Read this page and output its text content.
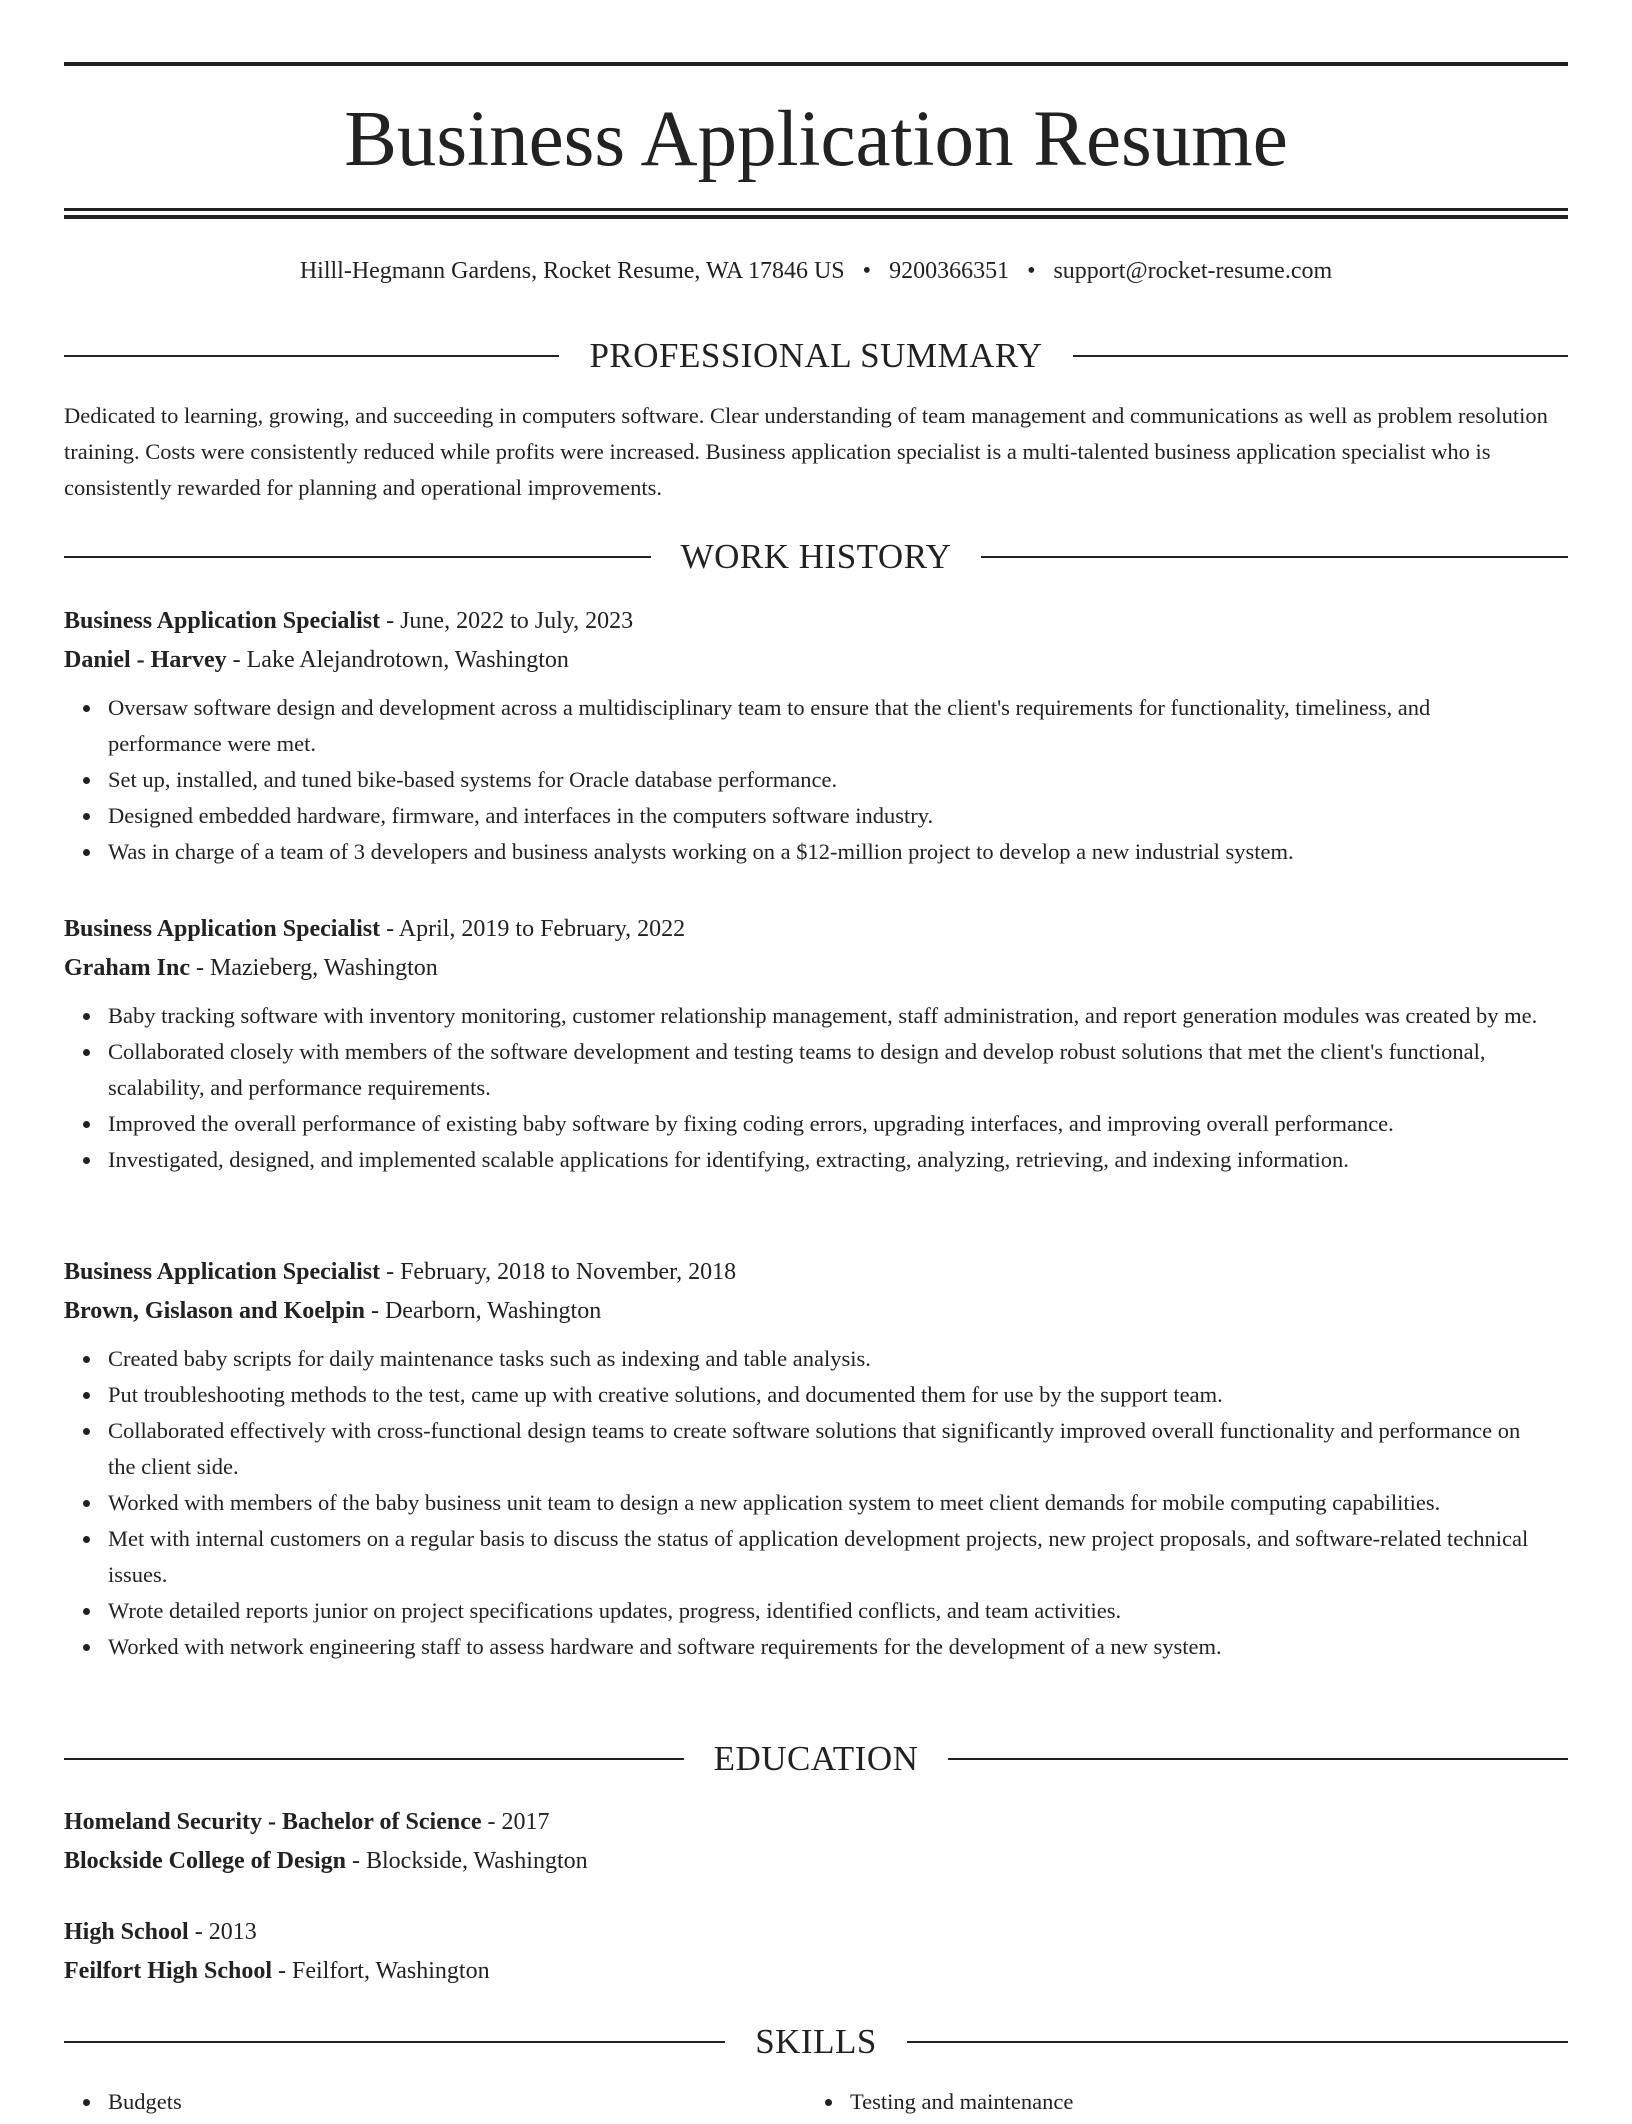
Business Application Resume
Hilll-Hegmann Gardens, Rocket Resume, WA 17846 US • 9200366351 • support@rocket-resume.com
PROFESSIONAL SUMMARY

Dedicated to learning, growing, and succeeding in computers software. Clear understanding of team management and communications as well as problem resolution training. Costs were consistently reduced while profits were increased. Business application specialist is a multi-talented business application specialist who is consistently rewarded for planning and operational improvements.

WORK HISTORY

Business Application Specialist - June, 2022 to July, 2023

Daniel - Harvey - Lake Alejandrotown, Washington

Oversaw software design and development across a multidisciplinary team to ensure that the client's requirements for functionality, timeliness, and performance were met.
Set up, installed, and tuned bike-based systems for Oracle database performance.
Designed embedded hardware, firmware, and interfaces in the computers software industry.
Was in charge of a team of 3 developers and business analysts working on a $12-million project to develop a new industrial system.

Business Application Specialist - April, 2019 to February, 2022

Graham Inc - Mazieberg, Washington

Baby tracking software with inventory monitoring, customer relationship management, staff administration, and report generation modules was created by me.
Collaborated closely with members of the software development and testing teams to design and develop robust solutions that met the client's functional, scalability, and performance requirements.
Improved the overall performance of existing baby software by fixing coding errors, upgrading interfaces, and improving overall performance.
Investigated, designed, and implemented scalable applications for identifying, extracting, analyzing, retrieving, and indexing information.

Business Application Specialist - February, 2018 to November, 2018

Brown, Gislason and Koelpin - Dearborn, Washington

Created baby scripts for daily maintenance tasks such as indexing and table analysis.
Put troubleshooting methods to the test, came up with creative solutions, and documented them for use by the support team.
Collaborated effectively with cross-functional design teams to create software solutions that significantly improved overall functionality and performance on the client side.
Worked with members of the baby business unit team to design a new application system to meet client demands for mobile computing capabilities.
Met with internal customers on a regular basis to discuss the status of application development projects, new project proposals, and software-related technical issues.
Wrote detailed reports junior on project specifications updates, progress, identified conflicts, and team activities.
Worked with network engineering staff to assess hardware and software requirements for the development of a new system.
EDUCATION

Homeland Security - Bachelor of Science - 2017

Blockside College of Design - Blockside, Washington

High School - 2013

Feilfort High School - Feilfort, Washington

SKILLS
Budgets	Testing and maintenance
